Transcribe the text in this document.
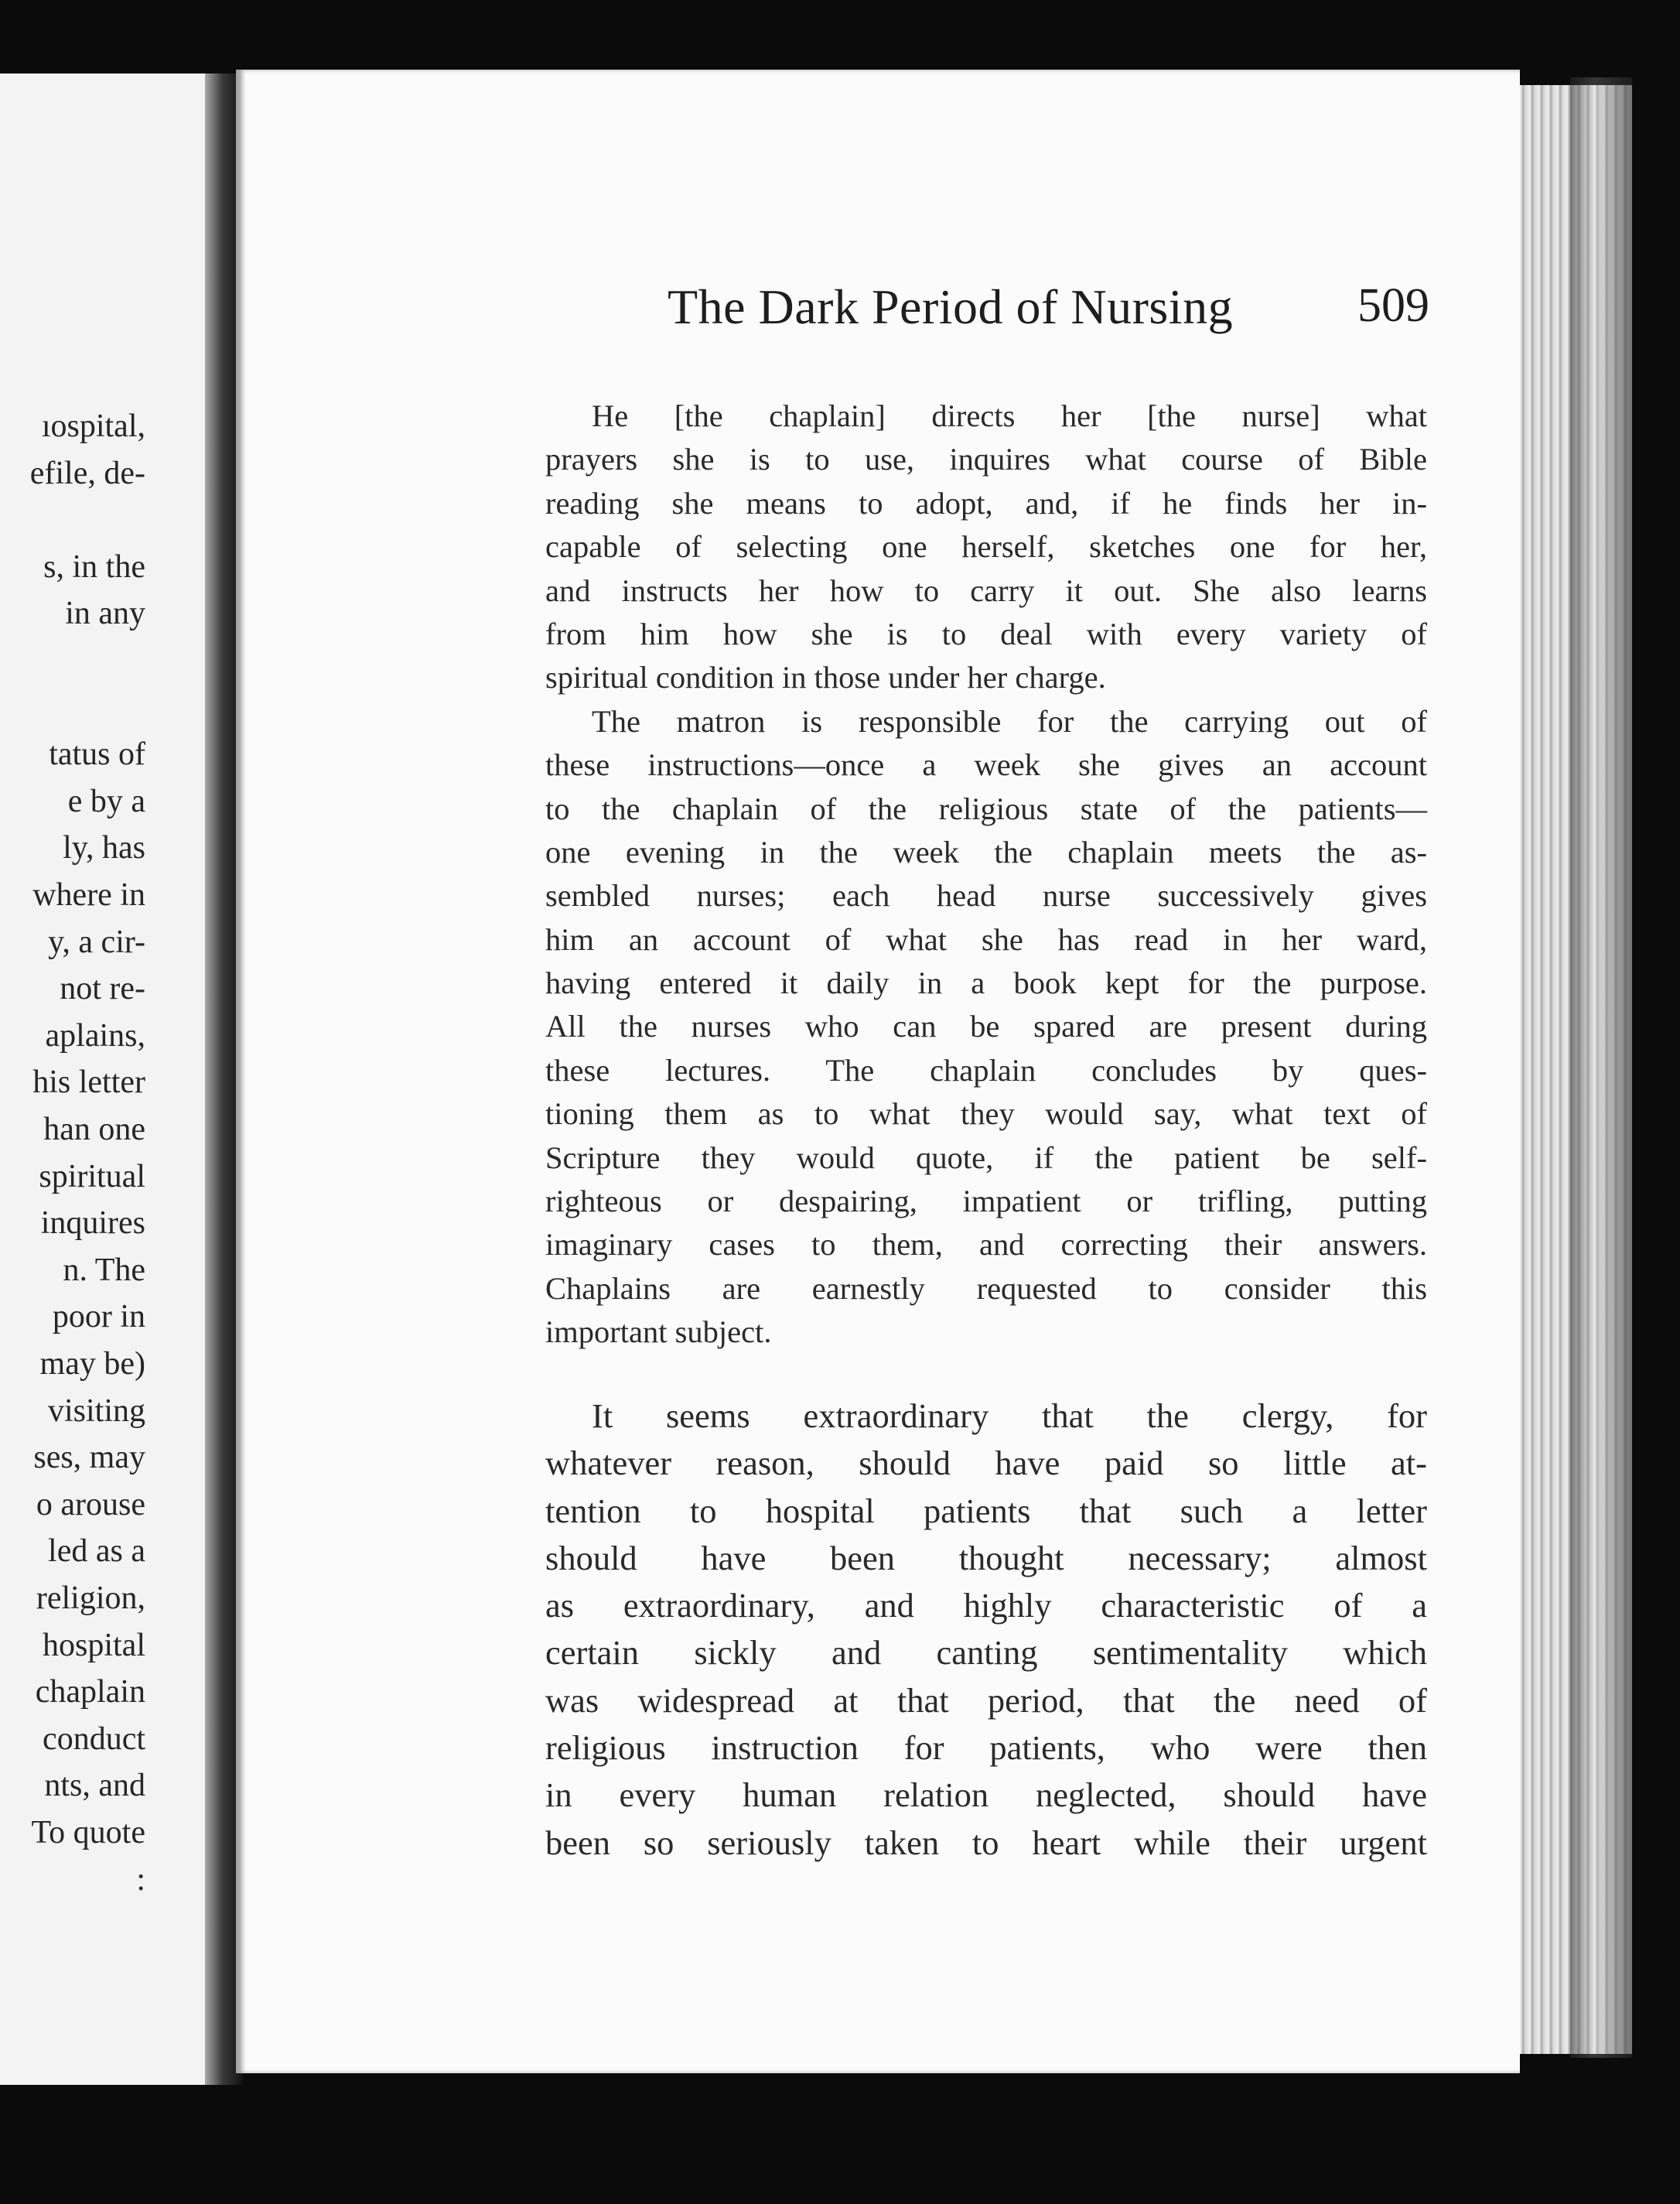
ıospital,
efile, de-
s, in the
in any
tatus of
e by a
ly, has
where in
y, a cir-
not re-
aplains,
his letter
han one
spiritual
inquires
n. The
poor in
may be)
visiting
ses, may
o arouse
led as a
religion,
hospital
chaplain
conduct
nts, and
To quote
:
The Dark Period of Nursing	509
He [the chaplain] directs her [the nurse] what
prayers she is to use, inquires what course of Bible
reading she means to adopt, and, if he finds her in-
capable of selecting one herself, sketches one for her,
and instructs her how to carry it out. She also learns
from him how she is to deal with every variety of
spiritual condition in those under her charge.
The matron is responsible for the carrying out of
these instructions—once a week she gives an account
to the chaplain of the religious state of the patients—
one evening in the week the chaplain meets the as-
sembled nurses; each head nurse successively gives
him an account of what she has read in her ward,
having entered it daily in a book kept for the purpose.
All the nurses who can be spared are present during
these lectures. The chaplain concludes by ques-
tioning them as to what they would say, what text of
Scripture they would quote, if the patient be self-
righteous or despairing, impatient or trifling, putting
imaginary cases to them, and correcting their answers.
Chaplains are earnestly requested to consider this
important subject.
It seems extraordinary that the clergy, for
whatever reason, should have paid so little at-
tention to hospital patients that such a letter
should have been thought necessary; almost
as extraordinary, and highly characteristic of a
certain sickly and canting sentimentality which
was widespread at that period, that the need of
religious instruction for patients, who were then
in every human relation neglected, should have
been so seriously taken to heart while their urgent
